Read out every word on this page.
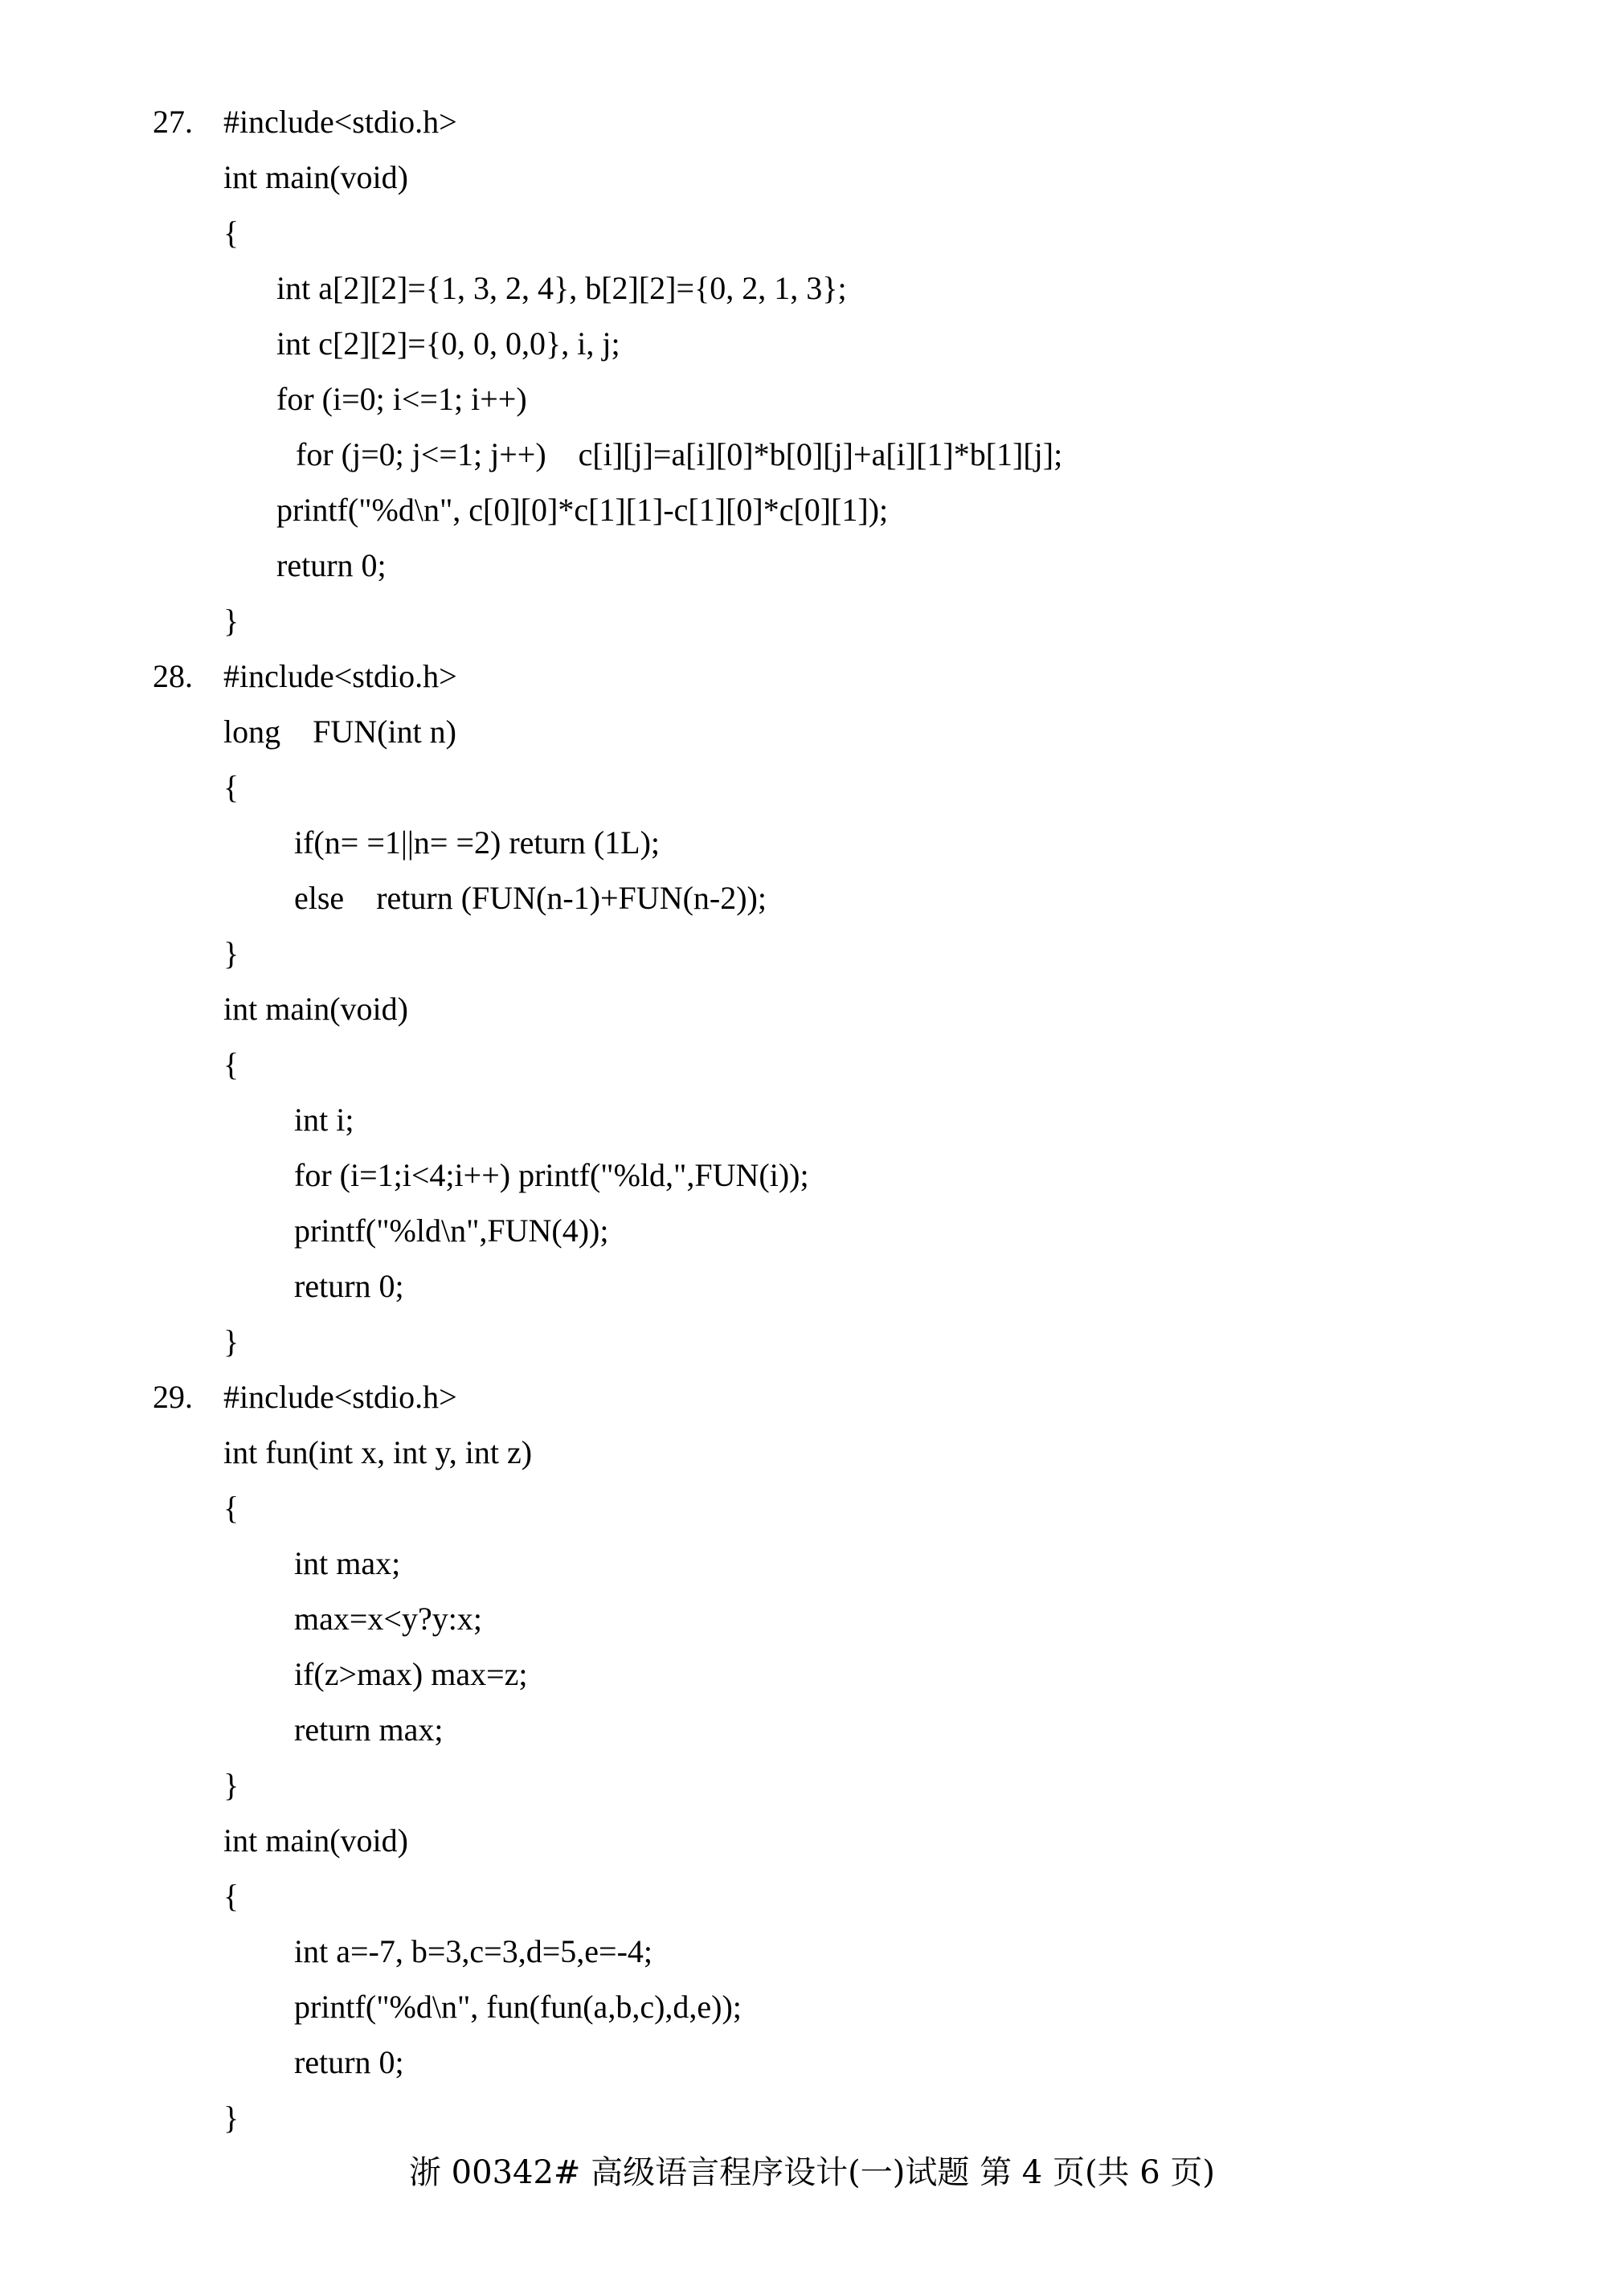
27. #include<stdio.h>
int main(void)
{
int a[2][2]={1, 3, 2, 4}, b[2][2]={0, 2, 1, 3};
int c[2][2]={0, 0, 0,0}, i, j;
for (i=0; i<=1; i++)
for (j=0; j<=1; j++)    c[i][j]=a[i][0]*b[0][j]+a[i][1]*b[1][j];
printf("%d\n", c[0][0]*c[1][1]-c[1][0]*c[0][1]);
return 0;
}
28. #include<stdio.h>
long    FUN(int n)
{
if(n= =1||n= =2) return (1L);
else    return (FUN(n-1)+FUN(n-2));
}
int main(void)
{
int i;
for (i=1;i<4;i++) printf("%ld,",FUN(i));
printf("%ld\n",FUN(4));
return 0;
}
29. #include<stdio.h>
int fun(int x, int y, int z)
{
int max;
max=x<y?y:x;
if(z>max) max=z;
return max;
}
int main(void)
{
int a=-7, b=3,c=3,d=5,e=-4;
printf("%d\n", fun(fun(a,b,c),d,e));
return 0;
}
浙 00342# 高级语言程序设计(一)试题 第 4 页(共 6 页)
